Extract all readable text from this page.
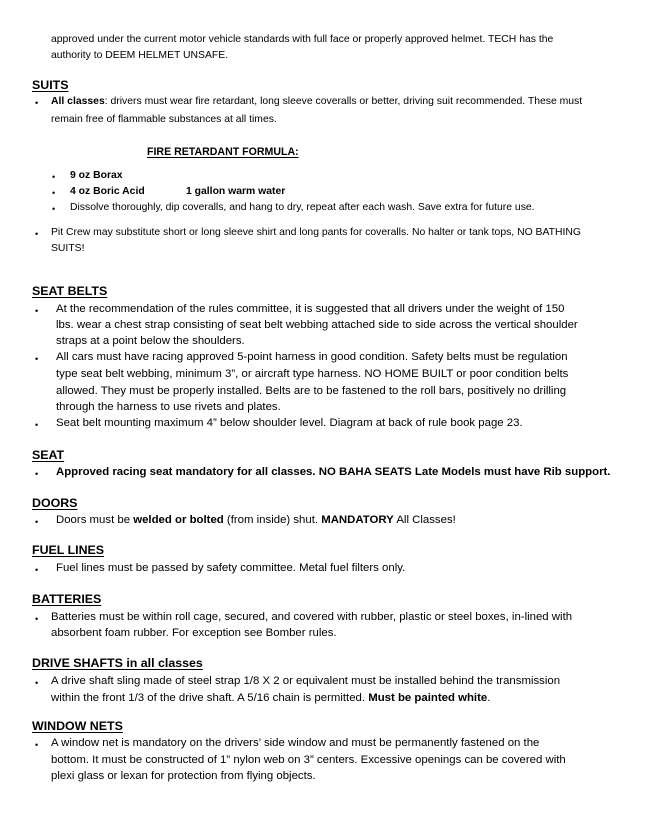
approved under the current motor vehicle standards with full face or properly approved helmet. TECH has the
authority to DEEM HELMET UNSAFE.
SUITS
• All classes: drivers must wear fire retardant, long sleeve coveralls or better, driving suit recommended. These must
remain free of flammable substances at all times.
FIRE RETARDANT FORMULA:
• 9 oz Borax
• 4 oz Boric Acid	1 gallon warm water
• Dissolve thoroughly, dip coveralls, and hang to dry, repeat after each wash. Save extra for future use.
• Pit Crew may substitute short or long sleeve shirt and long pants for coveralls. No halter or tank tops, NO BATHING
SUITS!
SEAT BELTS
• At the recommendation of the rules committee, it is suggested that all drivers under the weight of 150
lbs. wear a chest strap consisting of seat belt webbing attached side to side across the vertical shoulder
straps at a point below the shoulders.
• All cars must have racing approved 5-point harness in good condition. Safety belts must be regulation
type seat belt webbing, minimum 3”, or aircraft type harness. NO HOME BUILT or poor condition belts
allowed. They must be properly installed. Belts are to be fastened to the roll bars, positively no drilling
through the harness to use rivets and plates.
• Seat belt mounting maximum 4” below shoulder level. Diagram at back of rule book page 23.
SEAT
• Approved racing seat mandatory for all classes. NO BAHA SEATS Late Models must have Rib support.
DOORS
• Doors must be welded or bolted (from inside) shut. MANDATORY All Classes!
FUEL LINES
• Fuel lines must be passed by safety committee. Metal fuel filters only.
BATTERIES
• Batteries must be within roll cage, secured, and covered with rubber, plastic or steel boxes, in-lined with
absorbent foam rubber. For exception see Bomber rules.
DRIVE SHAFTS in all classes
• A drive shaft sling made of steel strap 1/8 X 2 or equivalent must be installed behind the transmission
within the front 1/3 of the drive shaft. A 5/16 chain is permitted. Must be painted white.
WINDOW NETS
• A window net is mandatory on the drivers’ side window and must be permanently fastened on the
bottom. It must be constructed of 1” nylon web on 3” centers. Excessive openings can be covered with
plexi glass or lexan for protection from flying objects.
